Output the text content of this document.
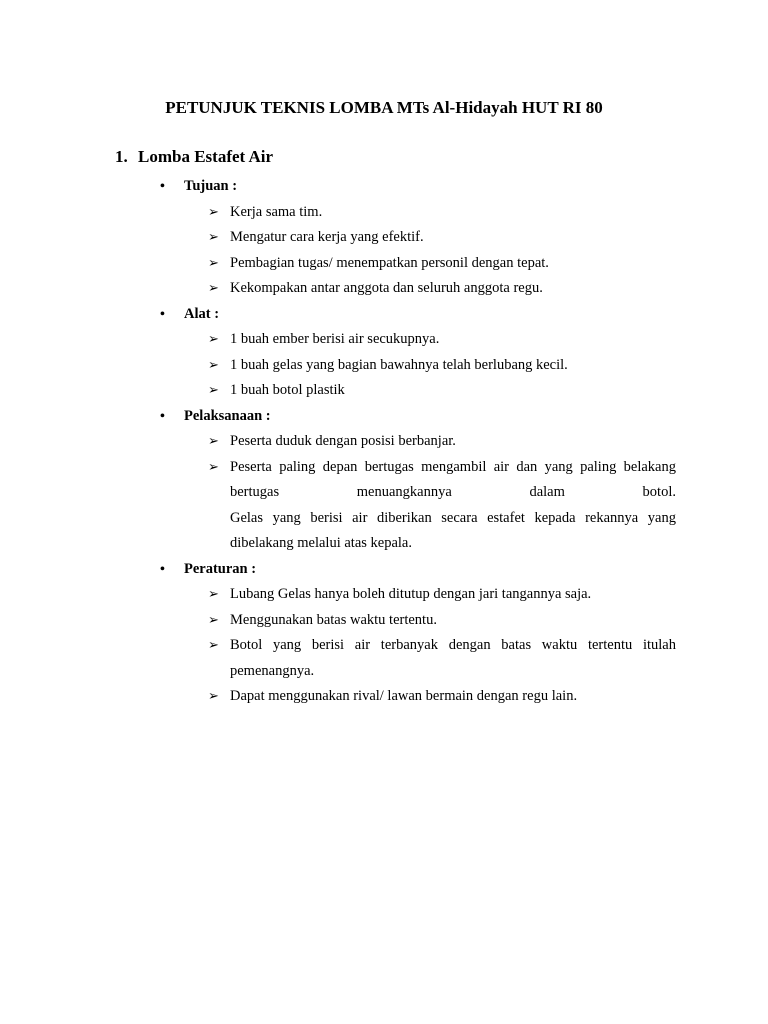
PETUNJUK TEKNIS LOMBA MTs Al-Hidayah HUT RI 80
1. Lomba Estafet Air
• Tujuan :
➢ Kerja sama tim.
➢ Mengatur cara kerja yang efektif.
➢ Pembagian tugas/ menempatkan personil dengan tepat.
➢ Kekompakan antar anggota dan seluruh anggota regu.
• Alat :
➢ 1 buah ember berisi air secukupnya.
➢ 1 buah gelas yang bagian bawahnya telah berlubang kecil.
➢ 1 buah botol plastik
• Pelaksanaan :
➢ Peserta duduk dengan posisi berbanjar.
➢ Peserta paling depan bertugas mengambil air dan yang paling belakang
bertugas menuangkannya dalam botol.
Gelas yang berisi air diberikan secara estafet kepada rekannya yang
dibelakang melalui atas kepala.
• Peraturan :
➢ Lubang Gelas hanya boleh ditutup dengan jari tangannya saja.
➢ Menggunakan batas waktu tertentu.
➢ Botol yang berisi air terbanyak dengan batas waktu tertentu itulah
pemenangnya.
➢ Dapat menggunakan rival/ lawan bermain dengan regu lain.
